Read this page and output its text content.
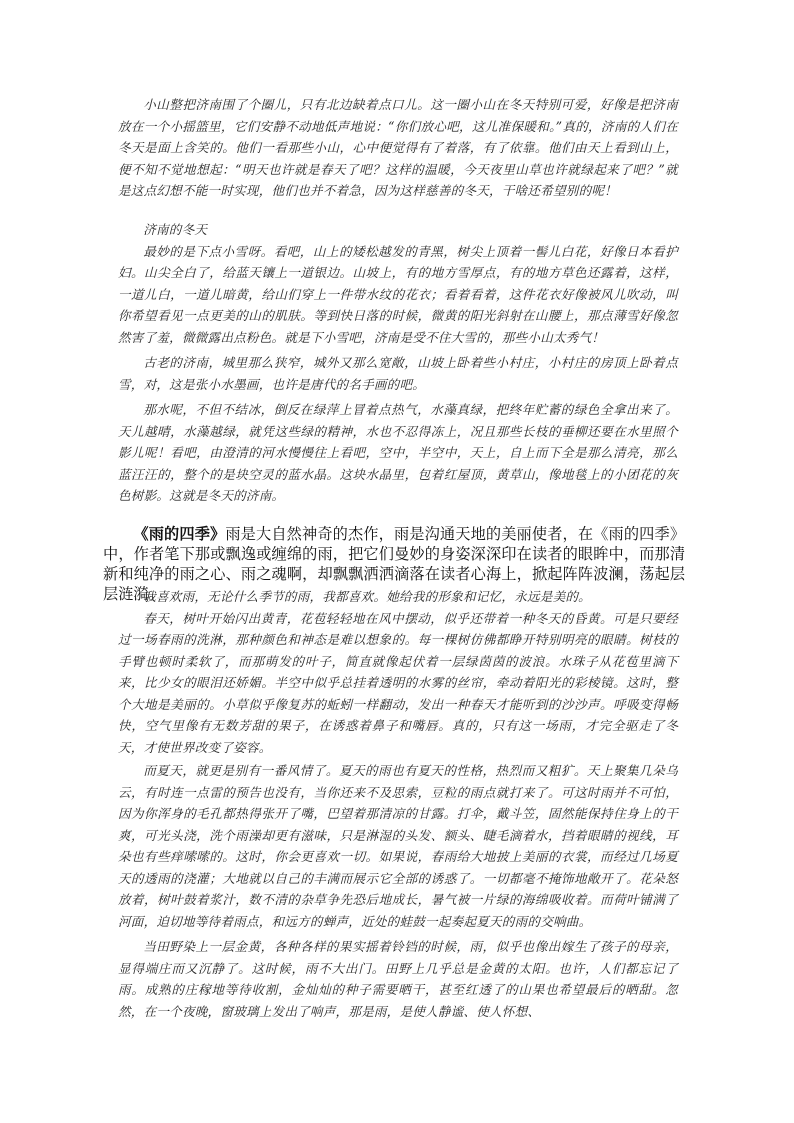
小山整把济南围了个圈儿，只有北边缺着点口儿。这一圈小山在冬天特别可爱，好像是把济南放在一个小摇篮里，它们安静不动地低声地说：“你们放心吧，这儿准保暖和。”真的，济南的人们在冬天是面上含笑的。他们一看那些小山，心中便觉得有了着落，有了依靠。他们由天上看到山上，便不知不觉地想起：“明天也许就是春天了吧？这样的温暖，今天夜里山草也许就绿起来了吧？”就是这点幻想不能一时实现，他们也并不着急，因为这样慈善的冬天，干啥还希望别的呢！

济南的冬天

最妙的是下点小雪呀。看吧，山上的矮松越发的青黑，树尖上顶着一髻儿白花，好像日本看护妇。山尖全白了，给蓝天镶上一道银边。山坡上，有的地方雪厚点，有的地方草色还露着，这样，一道儿白，一道儿暗黄，给山们穿上一件带水纹的花衣；看着看着，这件花衣好像被风儿吹动，叫你希望看见一点更美的山的肌肤。等到快日落的时候，微黄的阳光斜射在山腰上，那点薄雪好像忽然害了羞，微微露出点粉色。就是下小雪吧，济南是受不住大雪的，那些小山太秀气！

古老的济南，城里那么狭窄，城外又那么宽敞，山坡上卧着些小村庄，小村庄的房顶上卧着点雪，对，这是张小水墨画，也许是唐代的名手画的吧。

那水呢，不但不结冰，倒反在绿萍上冒着点热气，水藻真绿，把终年贮蓄的绿色全拿出来了。天儿越晴，水藻越绿，就凭这些绿的精神，水也不忍得冻上，况且那些长枝的垂柳还要在水里照个影儿呢！看吧，由澄清的河水慢慢往上看吧，空中，半空中，天上，自上而下全是那么清亮，那么蓝汪汪的，整个的是块空灵的蓝水晶。这块水晶里，包着红屋顶，黄草山，像地毯上的小团花的灰色树影。这就是冬天的济南。

《雨的四季》雨是大自然神奇的杰作，雨是沟通天地的美丽使者，在《雨的四季》中，作者笔下那或飘逸或缠绵的雨，把它们曼妙的身姿深深印在读者的眼眸中，而那清新和纯净的雨之心、雨之魂啊，却飘飘洒洒滴落在读者心海上，掀起阵阵波澜，荡起层层涟漪。

我喜欢雨，无论什么季节的雨，我都喜欢。她给我的形象和记忆，永远是美的。

春天，树叶开始闪出黄青，花苞轻轻地在风中摆动，似乎还带着一种冬天的昏黄。可是只要经过一场春雨的洗淋，那种颜色和神态是难以想象的。每一棵树仿佛都睁开特别明亮的眼睛。树枝的手臂也顿时柔软了，而那萌发的叶子，简直就像起伏着一层绿茵茵的波浪。水珠子从花苞里滴下来，比少女的眼泪还娇媚。半空中似乎总挂着透明的水雾的丝帘，牵动着阳光的彩棱镜。这时，整个大地是美丽的。小草似乎像复苏的蚯蚓一样翻动，发出一种春天才能听到的沙沙声。呼吸变得畅快，空气里像有无数芳甜的果子，在诱惑着鼻子和嘴唇。真的，只有这一场雨，才完全驱走了冬天，才使世界改变了姿容。

而夏天，就更是别有一番风情了。夏天的雨也有夏天的性格，热烈而又粗犷。天上聚集几朵乌云，有时连一点雷的预告也没有，当你还来不及思索，豆粒的雨点就打来了。可这时雨并不可怕，因为你浑身的毛孔都热得张开了嘴，巴望着那清凉的甘露。打伞，戴斗笠，固然能保持住身上的干爽，可光头浇，洗个雨澡却更有滋味，只是淋湿的头发、额头、睫毛滴着水，挡着眼睛的视线，耳朵也有些痒嗦嗦的。这时，你会更喜欢一切。如果说，春雨给大地披上美丽的衣裳，而经过几场夏天的透雨的浇灌；大地就以自己的丰满而展示它全部的诱惑了。一切都毫不掩饰地敞开了。花朵怒放着，树叶鼓着浆汁，数不清的杂草争先恐后地成长，暑气被一片绿的海绵吸收着。而荷叶铺满了河面，迫切地等待着雨点，和远方的蝉声，近处的蛙鼓一起奏起夏天的雨的交响曲。

当田野染上一层金黄，各种各样的果实摇着铃铛的时候，雨，似乎也像出嫁生了孩子的母亲，显得端庄而又沉静了。这时候，雨不大出门。田野上几乎总是金黄的太阳。也许，人们都忘记了雨。成熟的庄稼地等待收割，金灿灿的种子需要晒干，甚至红透了的山果也希望最后的晒甜。忽然，在一个夜晚，窗玻璃上发出了响声，那是雨，是使人静谧、使人怀想、
